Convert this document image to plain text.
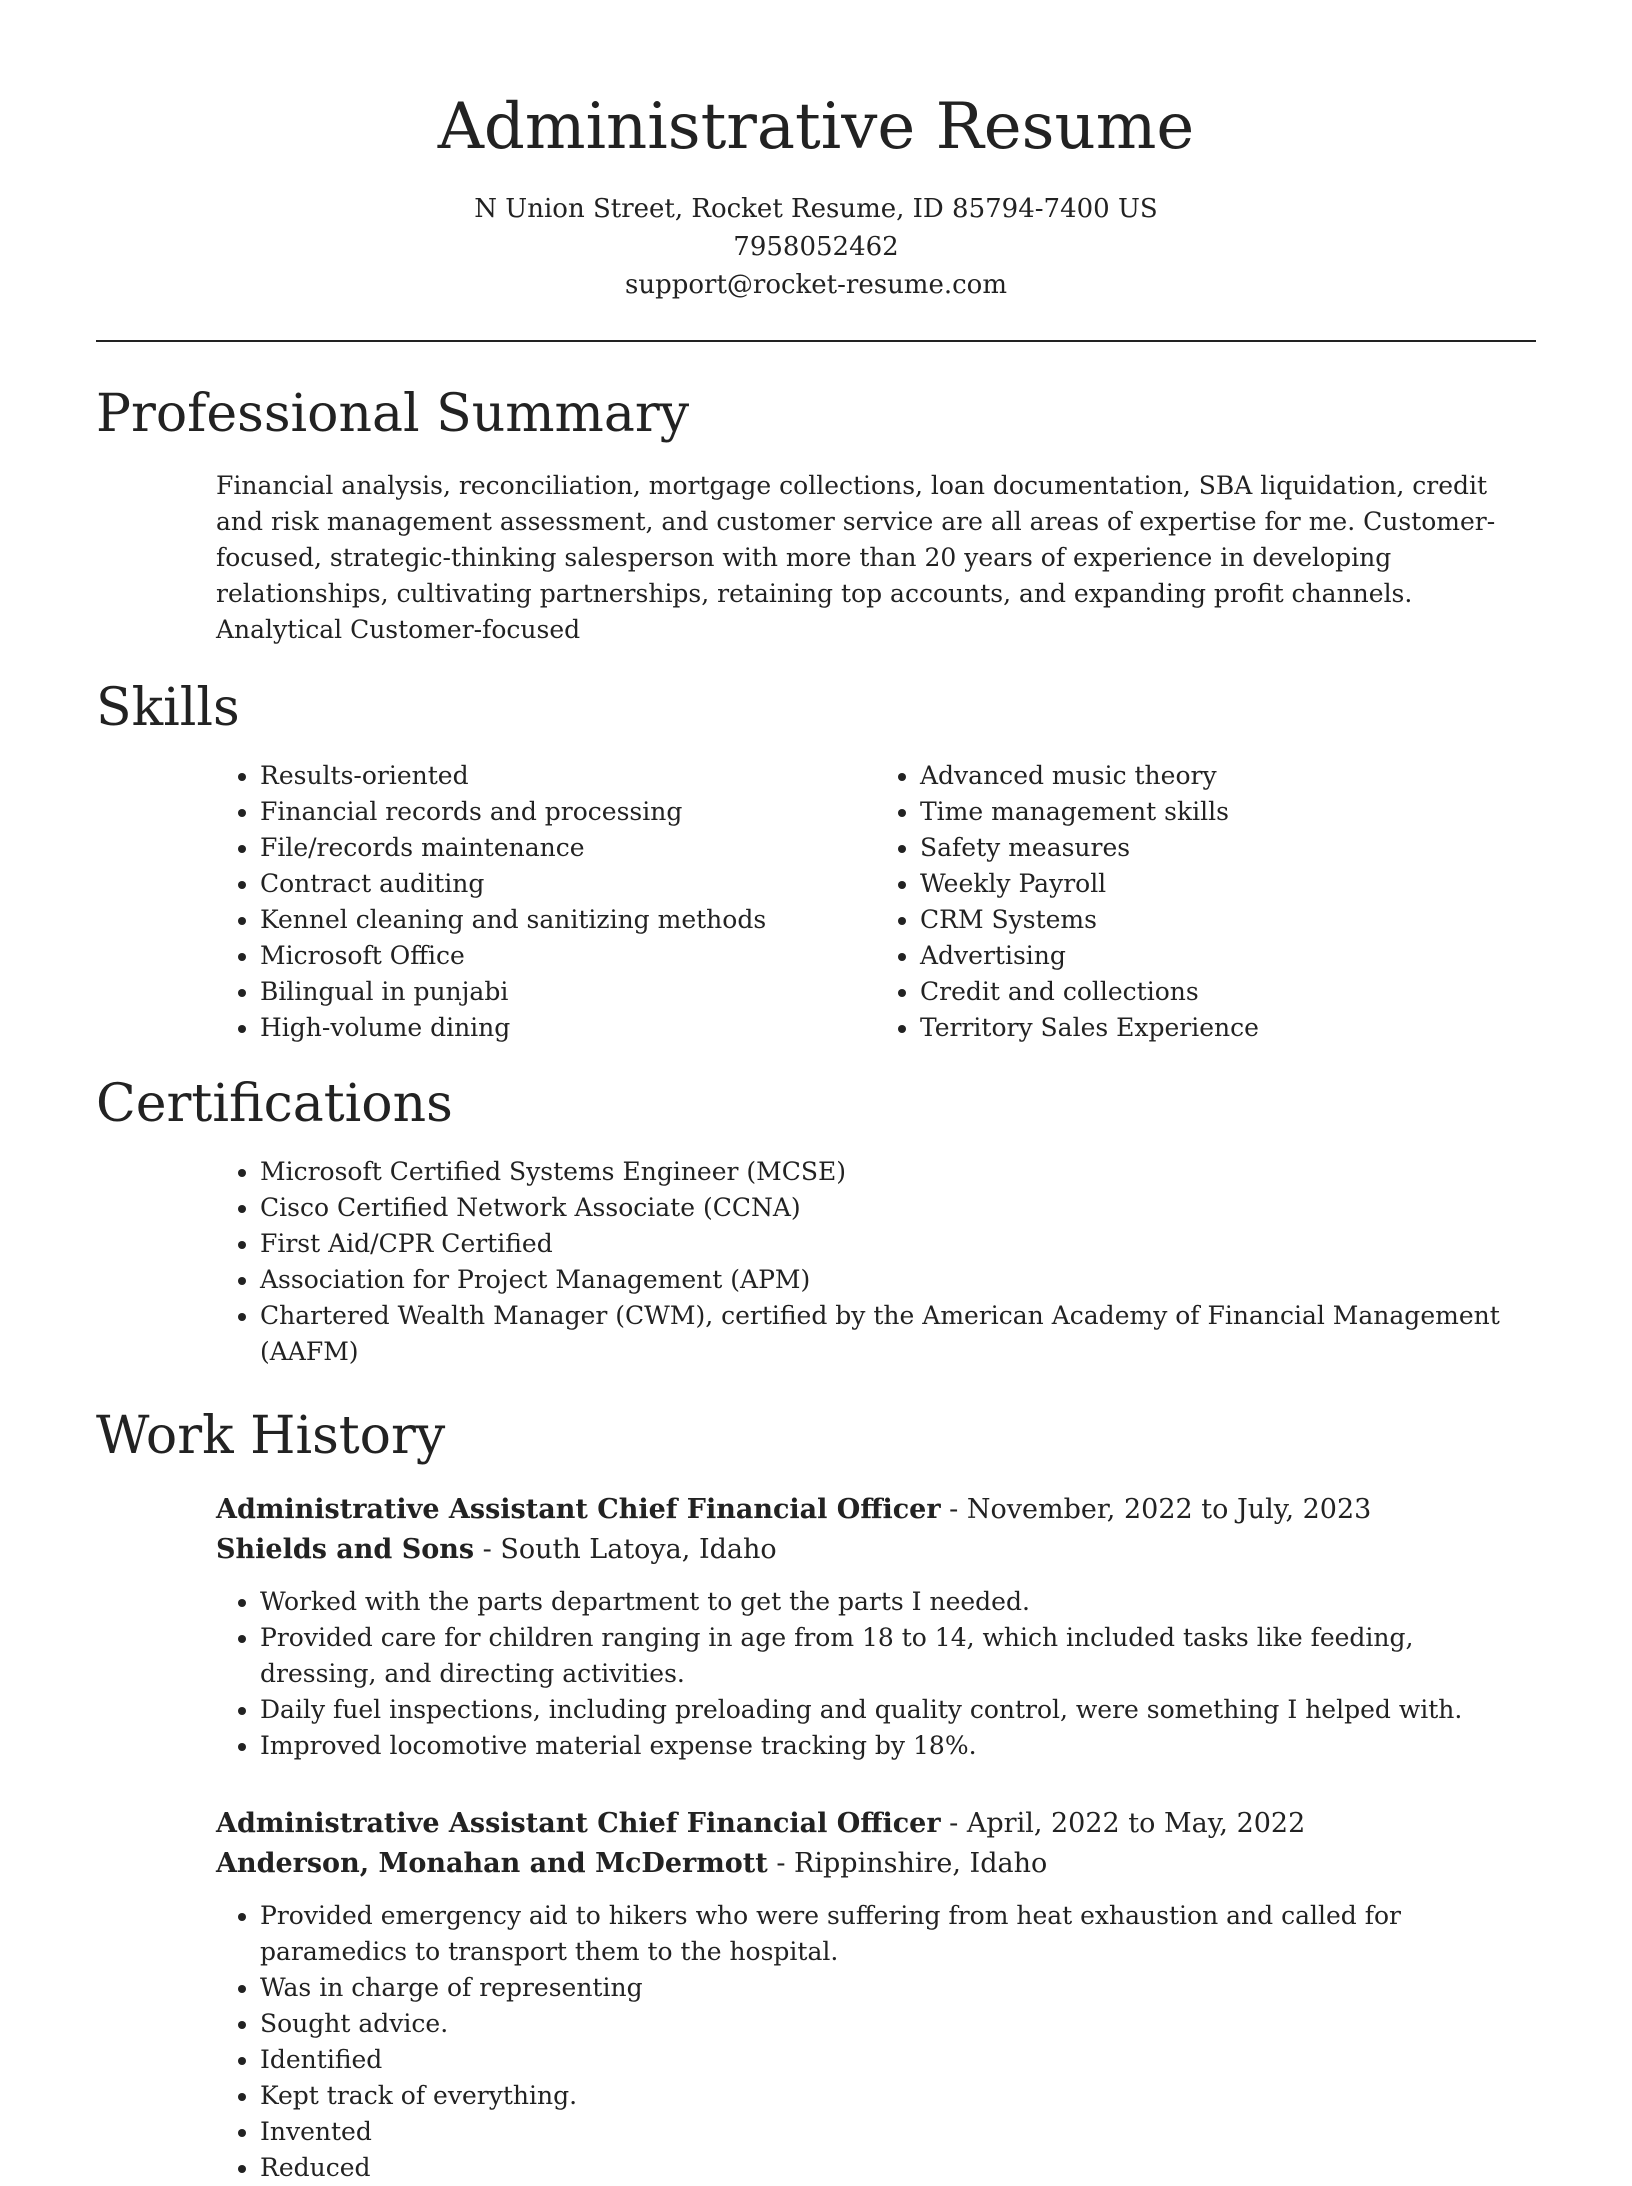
Administrative Resume
N Union Street, Rocket Resume, ID 85794-7400 US
7958052462
support@rocket-resume.com
Professional Summary
Financial analysis, reconciliation, mortgage collections, loan documentation, SBA liquidation, credit and risk management assessment, and customer service are all areas of expertise for me. Customer-focused, strategic-thinking salesperson with more than 20 years of experience in developing relationships, cultivating partnerships, retaining top accounts, and expanding profit channels. Analytical Customer-focused
Skills
• Results-oriented
• Financial records and processing
• File/records maintenance
• Contract auditing
• Kennel cleaning and sanitizing methods
• Microsoft Office
• Bilingual in punjabi
• High-volume dining
• Advanced music theory
• Time management skills
• Safety measures
• Weekly Payroll
• CRM Systems
• Advertising
• Credit and collections
• Territory Sales Experience
Certifications
• Microsoft Certified Systems Engineer (MCSE)
• Cisco Certified Network Associate (CCNA)
• First Aid/CPR Certified
• Association for Project Management (APM)
• Chartered Wealth Manager (CWM), certified by the American Academy of Financial Management (AAFM)
Work History
Administrative Assistant Chief Financial Officer - November, 2022 to July, 2023
Shields and Sons - South Latoya, Idaho
• Worked with the parts department to get the parts I needed.
• Provided care for children ranging in age from 18 to 14, which included tasks like feeding, dressing, and directing activities.
• Daily fuel inspections, including preloading and quality control, were something I helped with.
• Improved locomotive material expense tracking by 18%.
Administrative Assistant Chief Financial Officer - April, 2022 to May, 2022
Anderson, Monahan and McDermott - Rippinshire, Idaho
• Provided emergency aid to hikers who were suffering from heat exhaustion and called for paramedics to transport them to the hospital.
• Was in charge of representing
• Sought advice.
• Identified
• Kept track of everything.
• Invented
• Reduced
